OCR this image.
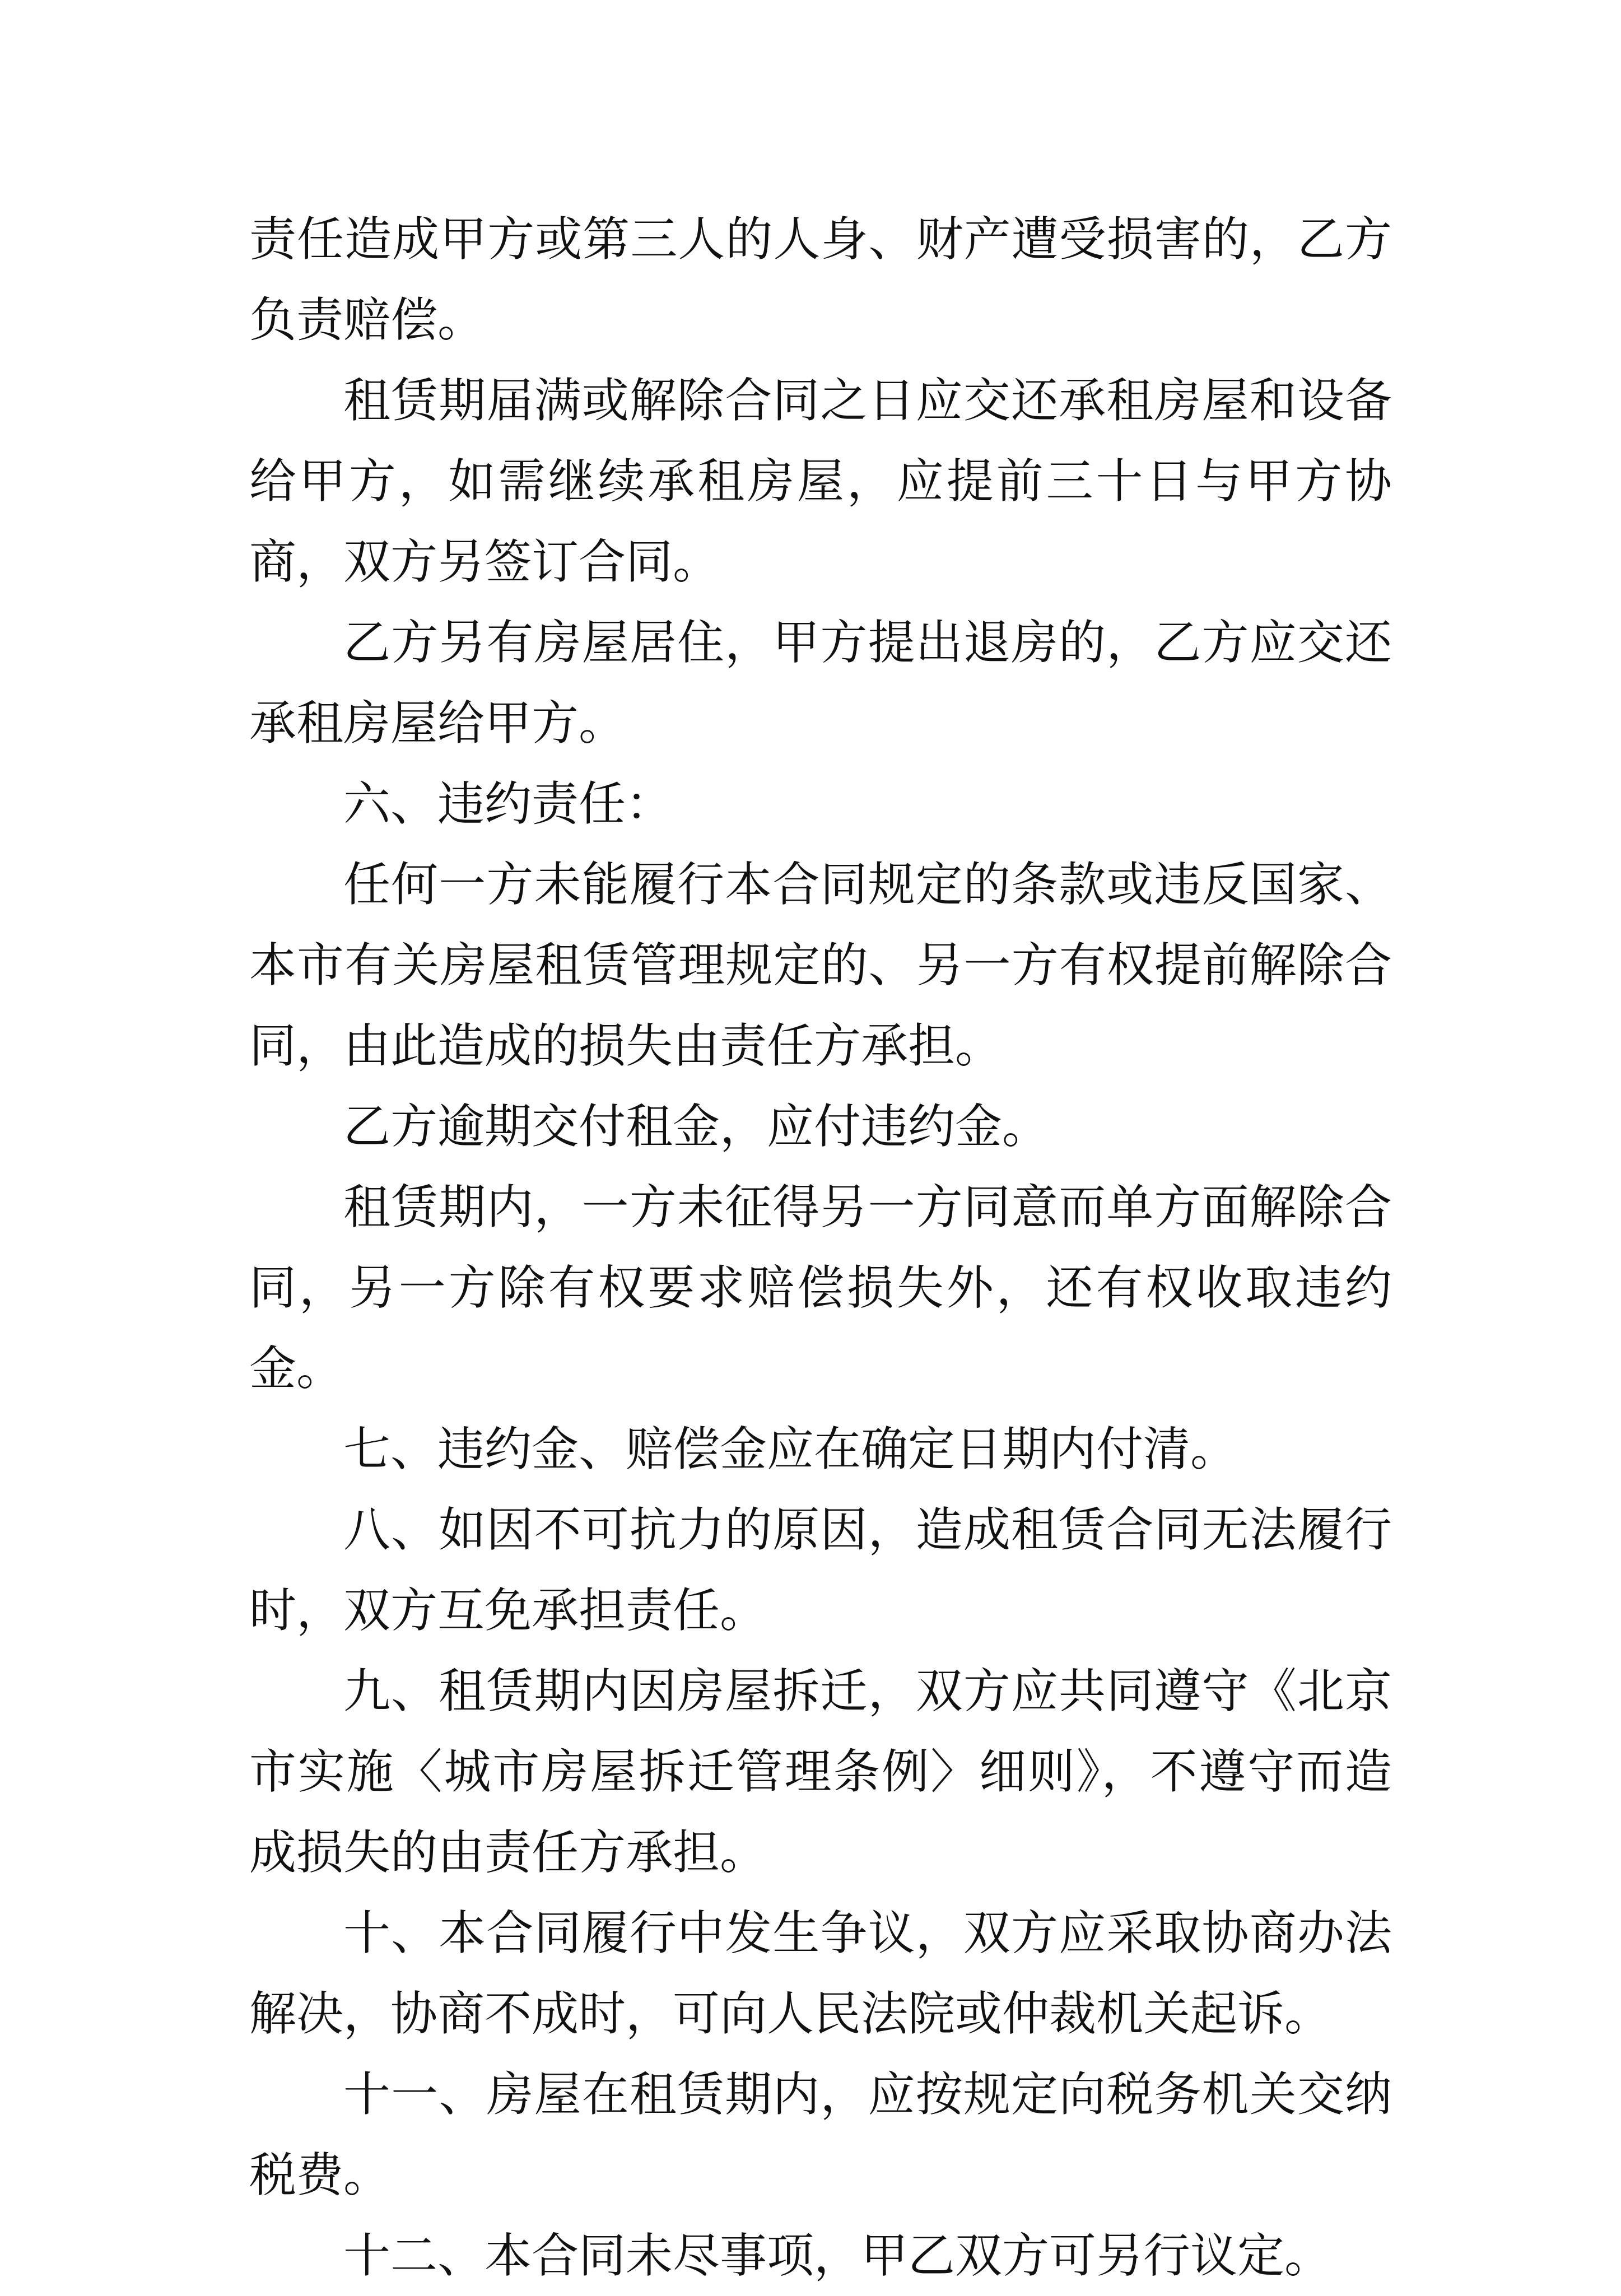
责任造成甲方或第三人的人身、财产遭受损害的，乙方负责赔偿。

租赁期届满或解除合同之日应交还承租房屋和设备给甲方，如需继续承租房屋，应提前三十日与甲方协商，双方另签订合同。

乙方另有房屋居住，甲方提出退房的，乙方应交还承租房屋给甲方。

六、违约责任：

任何一方未能履行本合同规定的条款或违反国家、本市有关房屋租赁管理规定的、另一方有权提前解除合同，由此造成的损失由责任方承担。

乙方逾期交付租金，应付违约金。

租赁期内，一方未征得另一方同意而单方面解除合同，另一方除有权要求赔偿损失外，还有权收取违约金。

七、违约金、赔偿金应在确定日期内付清。

八、如因不可抗力的原因，造成租赁合同无法履行时，双方互免承担责任。

九、租赁期内因房屋拆迁，双方应共同遵守《北京市实施〈城市房屋拆迁管理条例〉细则》，不遵守而造成损失的由责任方承担。

十、本合同履行中发生争议，双方应采取协商办法解决，协商不成时，可向人民法院或仲裁机关起诉。

十一、房屋在租赁期内，应按规定向税务机关交纳税费。

十二、本合同未尽事项，甲乙双方可另行议定。
